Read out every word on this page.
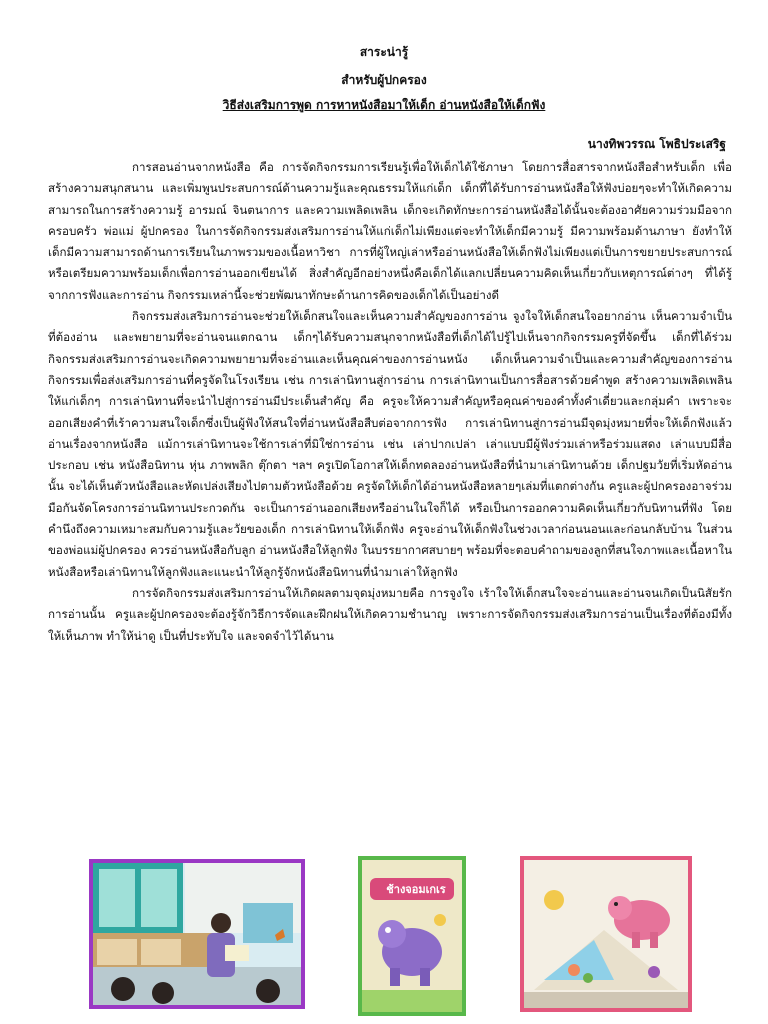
สาระน่ารู้

สำหรับผู้ปกครอง

วิธีส่งเสริมการพูด การหาหนังสือมาให้เด็ก อ่านหนังสือให้เด็กฟัง

นางทิพวรรณ โพธิประเสริฐ

การสอนอ่านจากหนังสือ คือ การจัดกิจกรรมการเรียนรู้เพื่อให้เด็กได้ใช้ภาษา โดยการสื่อสารจากหนังสือสำหรับเด็ก เพื่อสร้างความสนุกสนาน และเพิ่มพูนประสบการณ์ด้านความรู้และคุณธรรมให้แก่เด็ก เด็กที่ได้รับการอ่านหนังสือให้ฟังบ่อยๆจะทำให้เกิดความสามารถในการสร้างความรู้ อารมณ์ จินตนาการ และความเพลิดเพลิน เด็กจะเกิดทักษะการอ่านหนังสือได้นั้นจะต้องอาศัยความร่วมมือจากครอบครัว พ่อแม่ ผู้ปกครอง ในการจัดกิจกรรมส่งเสริมการอ่านให้แก่เด็กไม่เพียงแต่จะทำให้เด็กมีความรู้ มีความพร้อมด้านภาษา ยังทำให้เด็กมีความสามารถด้านการเรียนในภาพรวมของเนื้อหาวิชา การที่ผู้ใหญ่เล่าหรืออ่านหนังสือให้เด็กฟังไม่เพียงแต่เป็นการขยายประสบการณ์ หรือเตรียมความพร้อมเด็กเพื่อการอ่านออกเขียนได้ สิ่งสำคัญอีกอย่างหนึ่งคือเด็กได้แลกเปลี่ยนความคิดเห็นเกี่ยวกับเหตุการณ์ต่างๆ ที่ได้รู้จากการฟังและการอ่าน กิจกรรมเหล่านี้จะช่วยพัฒนาทักษะด้านการคิดของเด็กได้เป็นอย่างดี

กิจกรรมส่งเสริมการอ่านจะช่วยให้เด็กสนใจและเห็นความสำคัญของการอ่าน จูงใจให้เด็กสนใจอยากอ่าน เห็นความจำเป็นที่ต้องอ่าน และพยายามที่จะอ่านจนแตกฉาน เด็กๆได้รับความสนุกจากหนังสือที่เด็กได้ไปรู้ไปเห็นจากกิจกรรมครูที่จัดขึ้น เด็กที่ได้ร่วมกิจกรรมส่งเสริมการอ่านจะเกิดความพยายามที่จะอ่านและเห็นคุณค่าของการอ่านหนัง เด็กเห็นความจำเป็นและความสำคัญของการอ่าน กิจกรรมเพื่อส่งเสริมการอ่านที่ครูจัดในโรงเรียน เช่น การเล่านิทานสู่การอ่าน การเล่านิทานเป็นการสื่อสารด้วยคำพูด สร้างความเพลิดเพลินให้แก่เด็กๆ การเล่านิทานที่จะนำไปสู่การอ่านมีประเด็นสำคัญ คือ ครูจะให้ความสำคัญหรือคุณค่าของคำทั้งคำเดี่ยวและกลุ่มคำ เพราะจะออกเสียงคำที่เร้าความสนใจเด็กซึ่งเป็นผู้ฟังให้สนใจที่อ่านหนังสือสืบต่อจากการฟัง การเล่านิทานสู่การอ่านมีจุดมุ่งหมายที่จะให้เด็กฟังแล้วอ่านเรื่องจากหนังสือ แม้การเล่านิทานจะใช้การเล่าที่มิใช่การอ่าน เช่น เล่าปากเปล่า เล่าแบบมีผู้ฟังร่วมเล่าหรือร่วมแสดง เล่าแบบมีสื่อประกอบ เช่น หนังสือนิทาน หุ่น ภาพพลิก ตุ๊กตา ฯลฯ ครูเปิดโอกาสให้เด็กทดลองอ่านหนังสือที่นำมาเล่านิทานด้วย เด็กปฐมวัยที่เริ่มหัดอ่านนั้น จะได้เห็นตัวหนังสือและหัดเปล่งเสียงไปตามตัวหนังสือด้วย ครูจัดให้เด็กได้อ่านหนังสือหลายๆเล่มที่แตกต่างกัน ครูและผู้ปกครองอาจร่วมมือกันจัดโครงการอ่านนิทานประกวดกัน จะเป็นการอ่านออกเสียงหรืออ่านในใจก็ได้ หรือเป็นการออกความคิดเห็นเกี่ยวกับนิทานที่ฟัง โดยคำนึงถึงความเหมาะสมกับความรู้และวัยของเด็ก การเล่านิทานให้เด็กฟัง ครูจะอ่านให้เด็กฟังในช่วงเวลาก่อนนอนและก่อนกลับบ้าน ในส่วนของพ่อแม่ผู้ปกครอง ควรอ่านหนังสือกับลูก อ่านหนังสือให้ลูกฟัง ในบรรยากาศสบายๆ พร้อมที่จะตอบคำถามของลูกที่สนใจภาพและเนื้อหาในหนังสือหรือเล่านิทานให้ลูกฟังและแนะนำให้ลูกรู้จักหนังสือนิทานที่นำมาเล่าให้ลูกฟัง

การจัดกิจกรรมส่งเสริมการอ่านให้เกิดผลตามจุดมุ่งหมายคือ การจูงใจ เร้าใจให้เด็กสนใจจะอ่านและอ่านจนเกิดเป็นนิสัยรักการอ่านนั้น ครูและผู้ปกครองจะต้องรู้จักวิธีการจัดและฝึกฝนให้เกิดความชำนาญ เพราะการจัดกิจกรรมส่งเสริมการอ่านเป็นเรื่องที่ต้องมีทั้งให้เห็นภาพ ทำให้น่าดู เป็นที่ประทับใจ และจดจำไว้ได้นาน

ช้างจอมเกเร
